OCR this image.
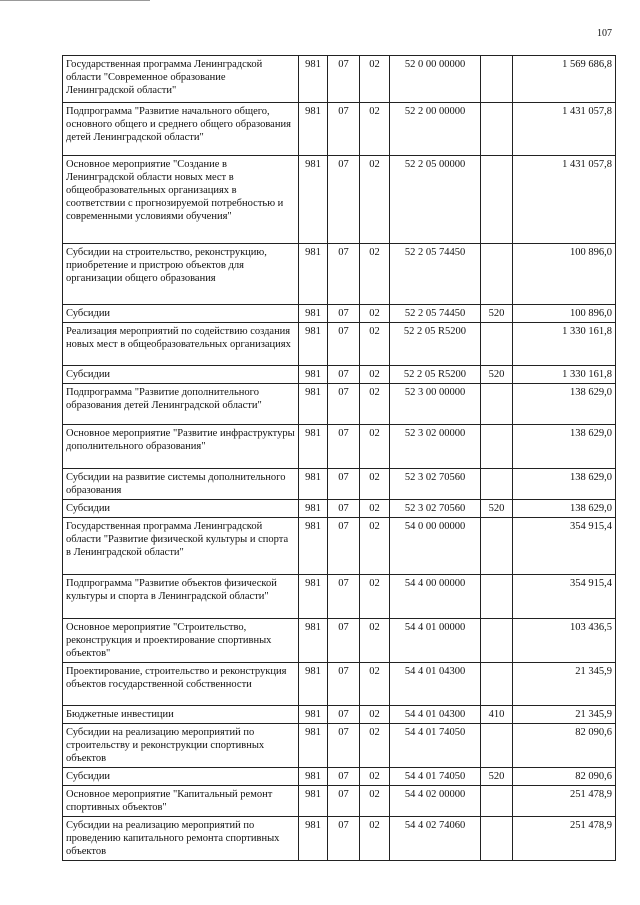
107
Государственная программа Ленинградской области "Современное образование Ленинградской области"	981	07	02	52 0 00 00000		1 569 686,8
Подпрограмма "Развитие начального общего, основного общего и среднего общего образования детей Ленинградской области"	981	07	02	52 2 00 00000		1 431 057,8
Основное мероприятие "Создание в Ленинградской области новых мест в общеобразовательных организациях в соответствии с прогнозируемой потребностью и современными условиями обучения"	981	07	02	52 2 05 00000		1 431 057,8
Субсидии на строительство, реконструкцию, приобретение и пристрою объектов для организации общего образования	981	07	02	52 2 05 74450		100 896,0
Субсидии	981	07	02	52 2 05 74450	520	100 896,0
Реализация мероприятий по содействию создания новых мест в общеобразовательных организациях	981	07	02	52 2 05 R5200		1 330 161,8
Субсидии	981	07	02	52 2 05 R5200	520	1 330 161,8
Подпрограмма "Развитие дополнительного образования детей Ленинградской области"	981	07	02	52 3 00 00000		138 629,0
Основное мероприятие "Развитие инфраструктуры дополнительного образования"	981	07	02	52 3 02 00000		138 629,0
Субсидии на развитие системы дополнительного образования	981	07	02	52 3 02 70560		138 629,0
Субсидии	981	07	02	52 3 02 70560	520	138 629,0
Государственная программа Ленинградской области "Развитие физической культуры и спорта в Ленинградской области"	981	07	02	54 0 00 00000		354 915,4
Подпрограмма "Развитие объектов физической культуры и спорта в Ленинградской области"	981	07	02	54 4 00 00000		354 915,4
Основное мероприятие "Строительство, реконструкция и проектирование спортивных объектов"	981	07	02	54 4 01 00000		103 436,5
Проектирование, строительство и реконструкция объектов государственной собственности	981	07	02	54 4 01 04300		21 345,9
Бюджетные инвестиции	981	07	02	54 4 01 04300	410	21 345,9
Субсидии на реализацию мероприятий по строительству и реконструкции спортивных объектов	981	07	02	54 4 01 74050		82 090,6
Субсидии	981	07	02	54 4 01 74050	520	82 090,6
Основное мероприятие "Капитальный ремонт спортивных объектов"	981	07	02	54 4 02 00000		251 478,9
Субсидии на реализацию мероприятий по проведению капитального ремонта спортивных объектов	981	07	02	54 4 02 74060		251 478,9
